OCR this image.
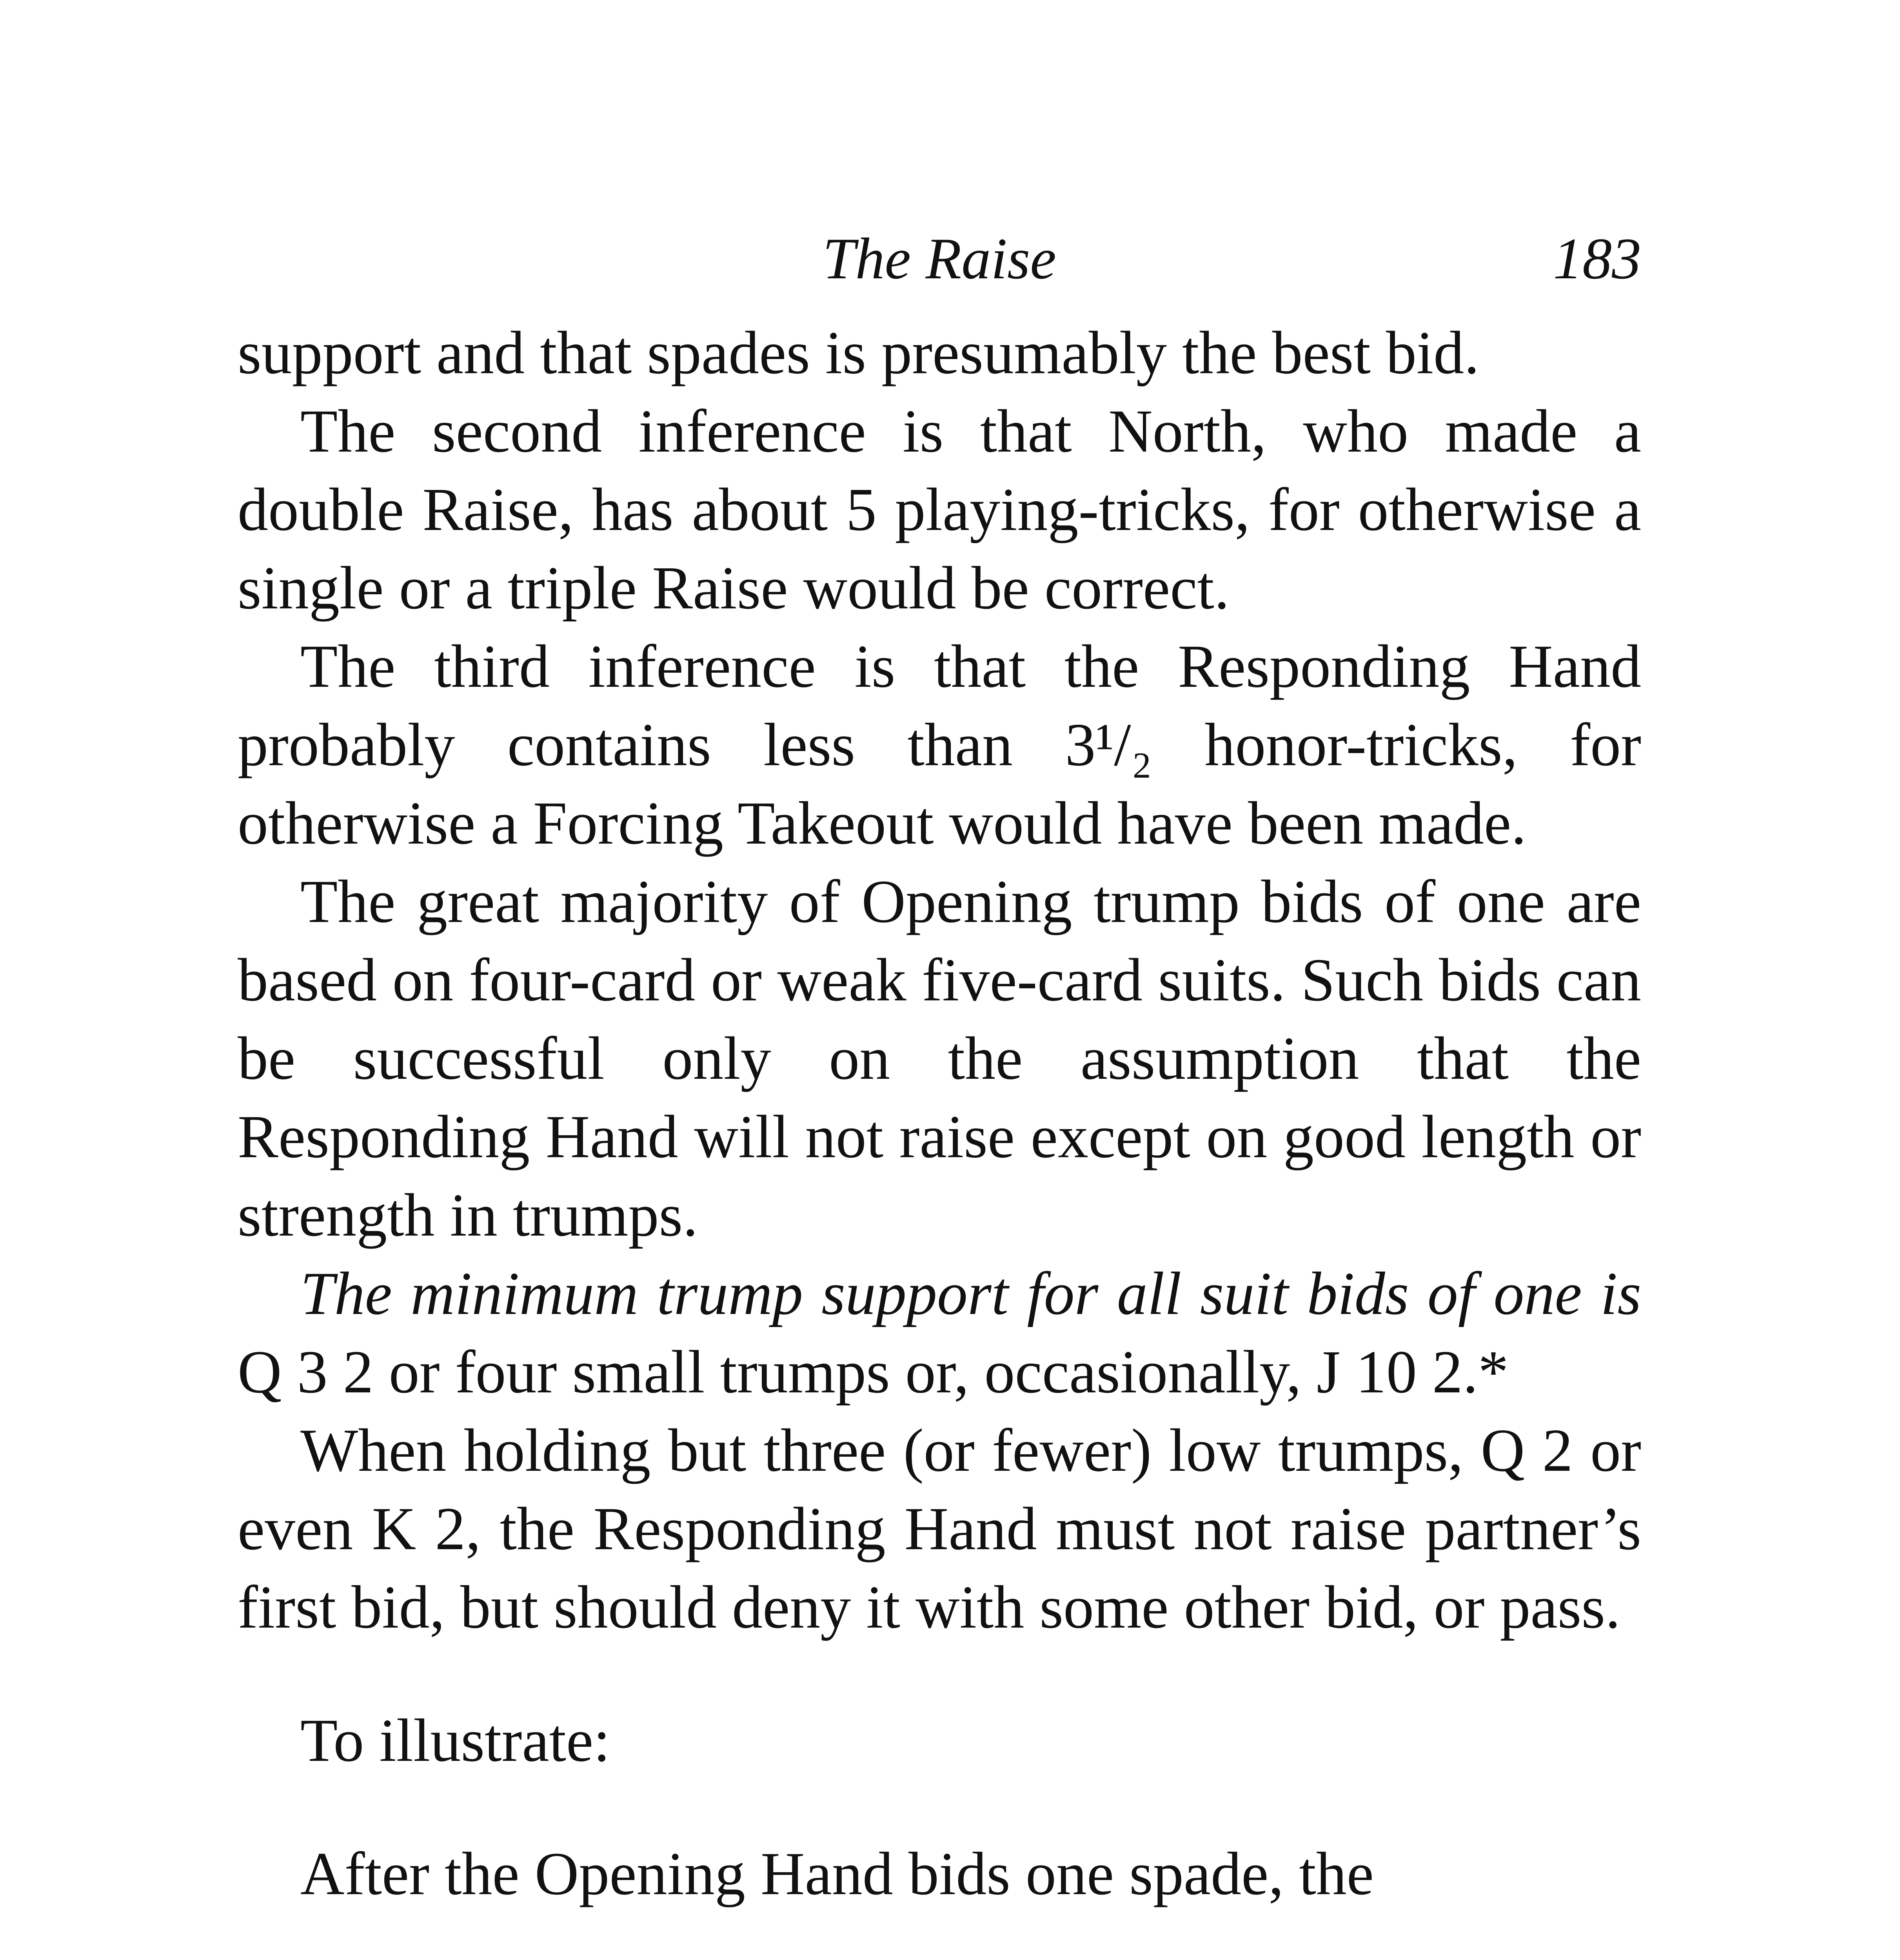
The Raise	183

support and that spades is presumably the best bid.

The second inference is that North, who made a double Raise, has about 5 playing-tricks, for otherwise a single or a triple Raise would be correct.

The third inference is that the Responding Hand probably contains less than 3¹/₂ honor-tricks, for otherwise a Forcing Takeout would have been made.

The great majority of Opening trump bids of one are based on four-card or weak five-card suits. Such bids can be successful only on the assumption that the Responding Hand will not raise except on good length or strength in trumps.

The minimum trump support for all suit bids of one is Q 3 2 or four small trumps or, occasionally, J 10 2.*

When holding but three (or fewer) low trumps, Q 2 or even K 2, the Responding Hand must not raise partner’s first bid, but should deny it with some other bid, or pass.

To illustrate:

After the Opening Hand bids one spade, the
